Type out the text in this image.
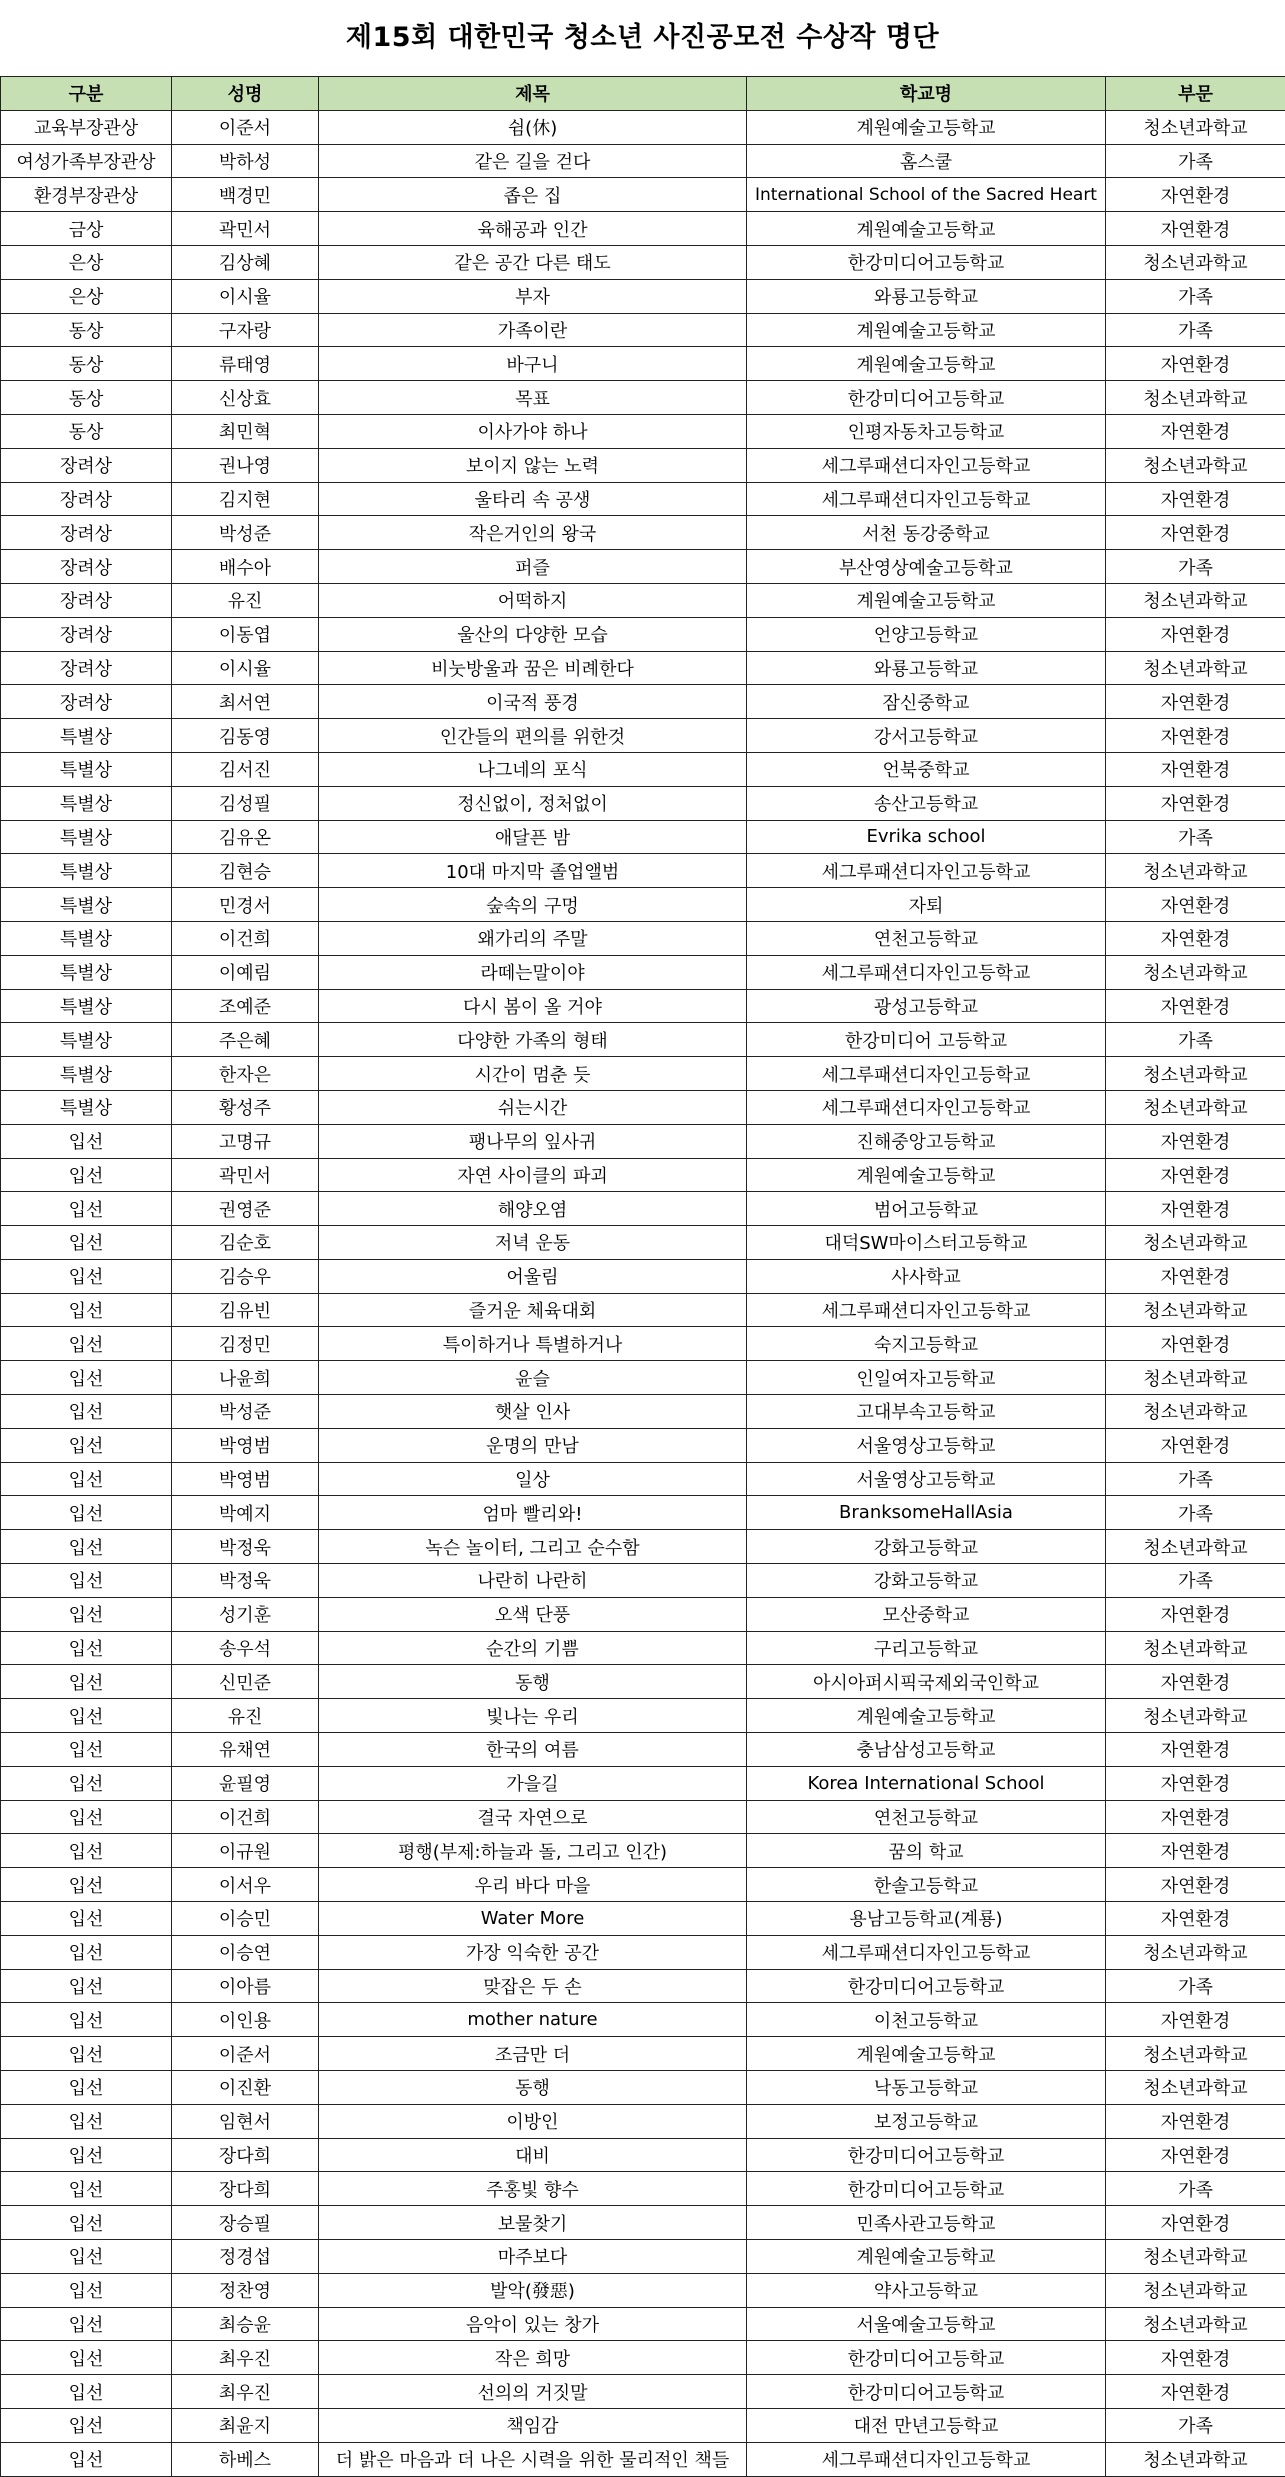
제15회 대한민국 청소년 사진공모전 수상작 명단
구분	성명	제목	학교명	부문
교육부장관상	이준서	쉼(休)	계원예술고등학교	청소년과학교
여성가족부장관상	박하성	같은 길을 걷다	홈스쿨	가족
환경부장관상	백경민	좁은 집	International School of the Sacred Heart	자연환경
금상	곽민서	육해공과 인간	계원예술고등학교	자연환경
은상	김상혜	같은 공간 다른 태도	한강미디어고등학교	청소년과학교
은상	이시율	부자	와룡고등학교	가족
동상	구자랑	가족이란	계원예술고등학교	가족
동상	류태영	바구니	계원예술고등학교	자연환경
동상	신상효	목표	한강미디어고등학교	청소년과학교
동상	최민혁	이사가야 하나	인평자동차고등학교	자연환경
장려상	권나영	보이지 않는 노력	세그루패션디자인고등학교	청소년과학교
장려상	김지현	울타리 속 공생	세그루패션디자인고등학교	자연환경
장려상	박성준	작은거인의 왕국	서천 동강중학교	자연환경
장려상	배수아	퍼즐	부산영상예술고등학교	가족
장려상	유진	어떡하지	계원예술고등학교	청소년과학교
장려상	이동엽	울산의 다양한 모습	언양고등학교	자연환경
장려상	이시율	비눗방울과 꿈은 비례한다	와룡고등학교	청소년과학교
장려상	최서연	이국적 풍경	잠신중학교	자연환경
특별상	김동영	인간들의 편의를 위한것	강서고등학교	자연환경
특별상	김서진	나그네의 포식	언북중학교	자연환경
특별상	김성필	정신없이, 정처없이	송산고등학교	자연환경
특별상	김유온	애달픈 밤	Evrika school	가족
특별상	김현승	10대 마지막 졸업앨범	세그루패션디자인고등학교	청소년과학교
특별상	민경서	숲속의 구멍	자퇴	자연환경
특별상	이건희	왜가리의 주말	연천고등학교	자연환경
특별상	이예림	라떼는말이야	세그루패션디자인고등학교	청소년과학교
특별상	조예준	다시 봄이 올 거야	광성고등학교	자연환경
특별상	주은혜	다양한 가족의 형태	한강미디어 고등학교	가족
특별상	한자은	시간이 멈춘 듯	세그루패션디자인고등학교	청소년과학교
특별상	황성주	쉬는시간	세그루패션디자인고등학교	청소년과학교
입선	고명규	팽나무의 잎사귀	진해중앙고등학교	자연환경
입선	곽민서	자연 사이클의 파괴	계원예술고등학교	자연환경
입선	권영준	해양오염	범어고등학교	자연환경
입선	김순호	저녁 운동	대덕SW마이스터고등학교	청소년과학교
입선	김승우	어울림	사사학교	자연환경
입선	김유빈	즐거운 체육대회	세그루패션디자인고등학교	청소년과학교
입선	김정민	특이하거나 특별하거나	숙지고등학교	자연환경
입선	나윤희	윤슬	인일여자고등학교	청소년과학교
입선	박성준	햇살 인사	고대부속고등학교	청소년과학교
입선	박영범	운명의 만남	서울영상고등학교	자연환경
입선	박영범	일상	서울영상고등학교	가족
입선	박예지	엄마 빨리와!	BranksomeHallAsia	가족
입선	박정욱	녹슨 놀이터, 그리고 순수함	강화고등학교	청소년과학교
입선	박정욱	나란히 나란히	강화고등학교	가족
입선	성기훈	오색 단풍	모산중학교	자연환경
입선	송우석	순간의 기쁨	구리고등학교	청소년과학교
입선	신민준	동행	아시아퍼시픽국제외국인학교	자연환경
입선	유진	빛나는 우리	계원예술고등학교	청소년과학교
입선	유채연	한국의 여름	충남삼성고등학교	자연환경
입선	윤필영	가을길	Korea International School	자연환경
입선	이건희	결국 자연으로	연천고등학교	자연환경
입선	이규원	평행(부제:하늘과 돌, 그리고 인간)	꿈의 학교	자연환경
입선	이서우	우리 바다 마을	한솔고등학교	자연환경
입선	이승민	Water More	용남고등학교(계룡)	자연환경
입선	이승연	가장 익숙한 공간	세그루패션디자인고등학교	청소년과학교
입선	이아름	맞잡은 두 손	한강미디어고등학교	가족
입선	이인용	mother nature	이천고등학교	자연환경
입선	이준서	조금만 더	계원예술고등학교	청소년과학교
입선	이진환	동행	낙동고등학교	청소년과학교
입선	임현서	이방인	보정고등학교	자연환경
입선	장다희	대비	한강미디어고등학교	자연환경
입선	장다희	주홍빛 향수	한강미디어고등학교	가족
입선	장승필	보물찾기	민족사관고등학교	자연환경
입선	정경섭	마주보다	계원예술고등학교	청소년과학교
입선	정찬영	발악(發惡)	약사고등학교	청소년과학교
입선	최승윤	음악이 있는 창가	서울예술고등학교	청소년과학교
입선	최우진	작은 희망	한강미디어고등학교	자연환경
입선	최우진	선의의 거짓말	한강미디어고등학교	자연환경
입선	최윤지	책임감	대전 만년고등학교	가족
입선	하베스	더 밝은 마음과 더 나은 시력을 위한 물리적인 책들	세그루패션디자인고등학교	청소년과학교
